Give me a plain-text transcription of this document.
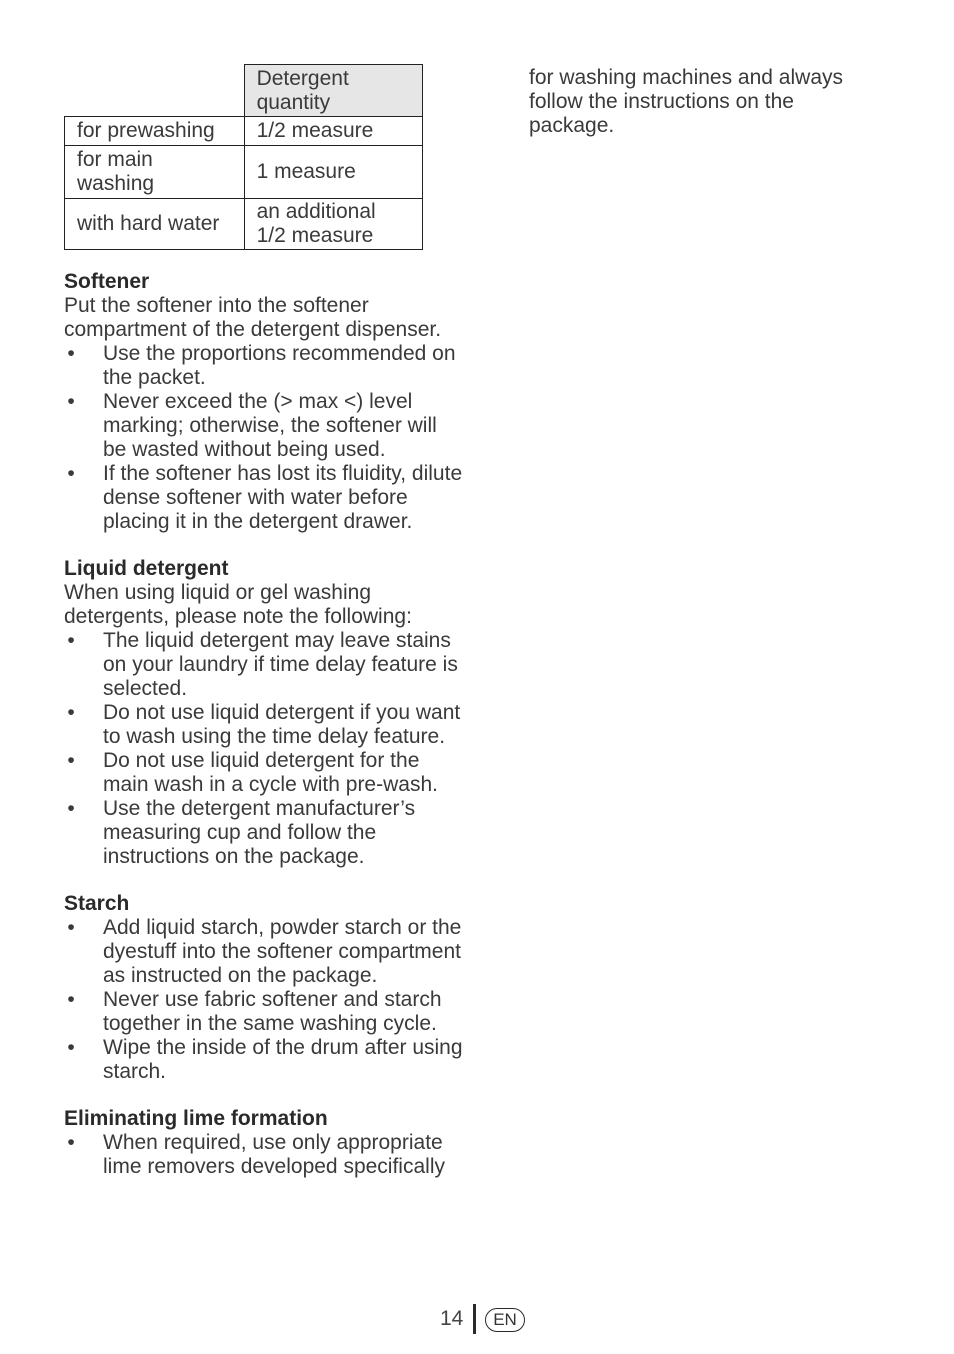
	Detergent quantity
for prewashing	1/2 measure
for main washing	1 measure
with hard water	an additional 1/2 measure
Softener

Put the softener into the softener compartment of the detergent dispenser.

• Use the proportions recommended on the packet.
• Never exceed the (> max <) level marking; otherwise, the softener will be wasted without being used.
• If the softener has lost its fluidity, dilute dense softener with water before placing it in the detergent drawer.
Liquid detergent

When using liquid or gel washing detergents, please note the following:

• The liquid detergent may leave stains on your laundry if time delay feature is selected.
• Do not use liquid detergent if you want to wash using the time delay feature.
• Do not use liquid detergent for the main wash in a cycle with pre-wash.
• Use the detergent manufacturer’s measuring cup and follow the instructions on the package.
Starch
• Add liquid starch, powder starch or the dyestuff into the softener compartment as instructed on the package.
• Never use fabric softener and starch together in the same washing cycle.
• Wipe the inside of the drum after using starch.
Eliminating lime formation
• When required, use only appropriate lime removers developed specifically

for washing machines and always follow the instructions on the package.

14	EN
